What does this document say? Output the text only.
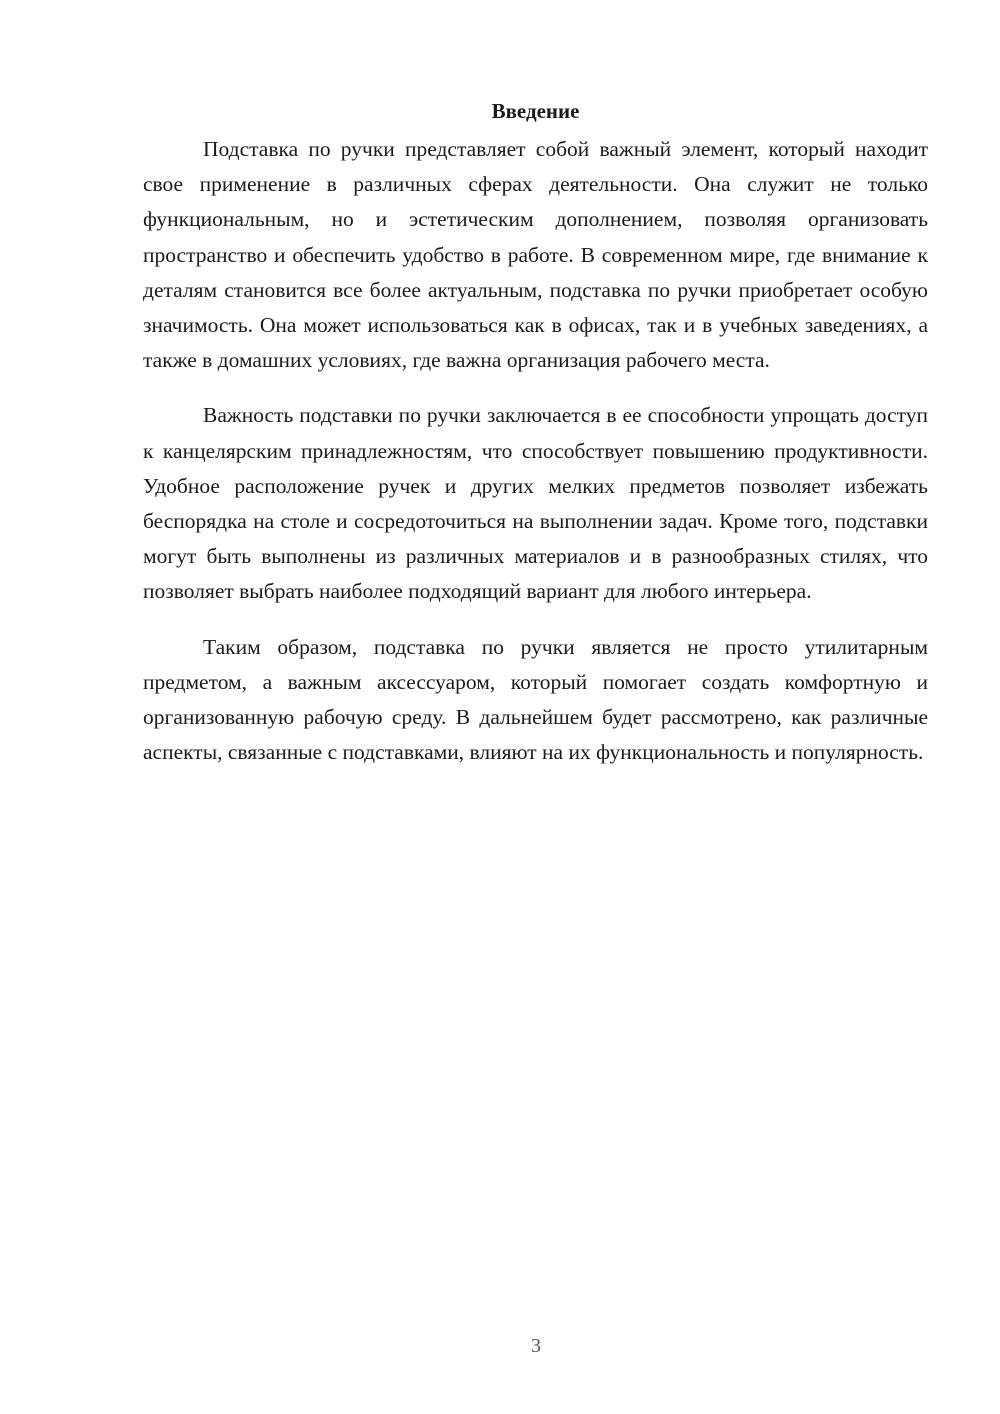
Введение

Подставка по ручки представляет собой важный элемент, который находит свое применение в различных сферах деятельности. Она служит не только функциональным, но и эстетическим дополнением, позволяя организовать пространство и обеспечить удобство в работе. В современном мире, где внимание к деталям становится все более актуальным, подставка по ручки приобретает особую значимость. Она может использоваться как в офисах, так и в учебных заведениях, а также в домашних условиях, где важна организация рабочего места.

Важность подставки по ручки заключается в ее способности упрощать доступ к канцелярским принадлежностям, что способствует повышению продуктивности. Удобное расположение ручек и других мелких предметов позволяет избежать беспорядка на столе и сосредоточиться на выполнении задач. Кроме того, подставки могут быть выполнены из различных материалов и в разнообразных стилях, что позволяет выбрать наиболее подходящий вариант для любого интерьера.

Таким образом, подставка по ручки является не просто утилитарным предметом, а важным аксессуаром, который помогает создать комфортную и организованную рабочую среду. В дальнейшем будет рассмотрено, как различные аспекты, связанные с подставками, влияют на их функциональность и популярность.

3
